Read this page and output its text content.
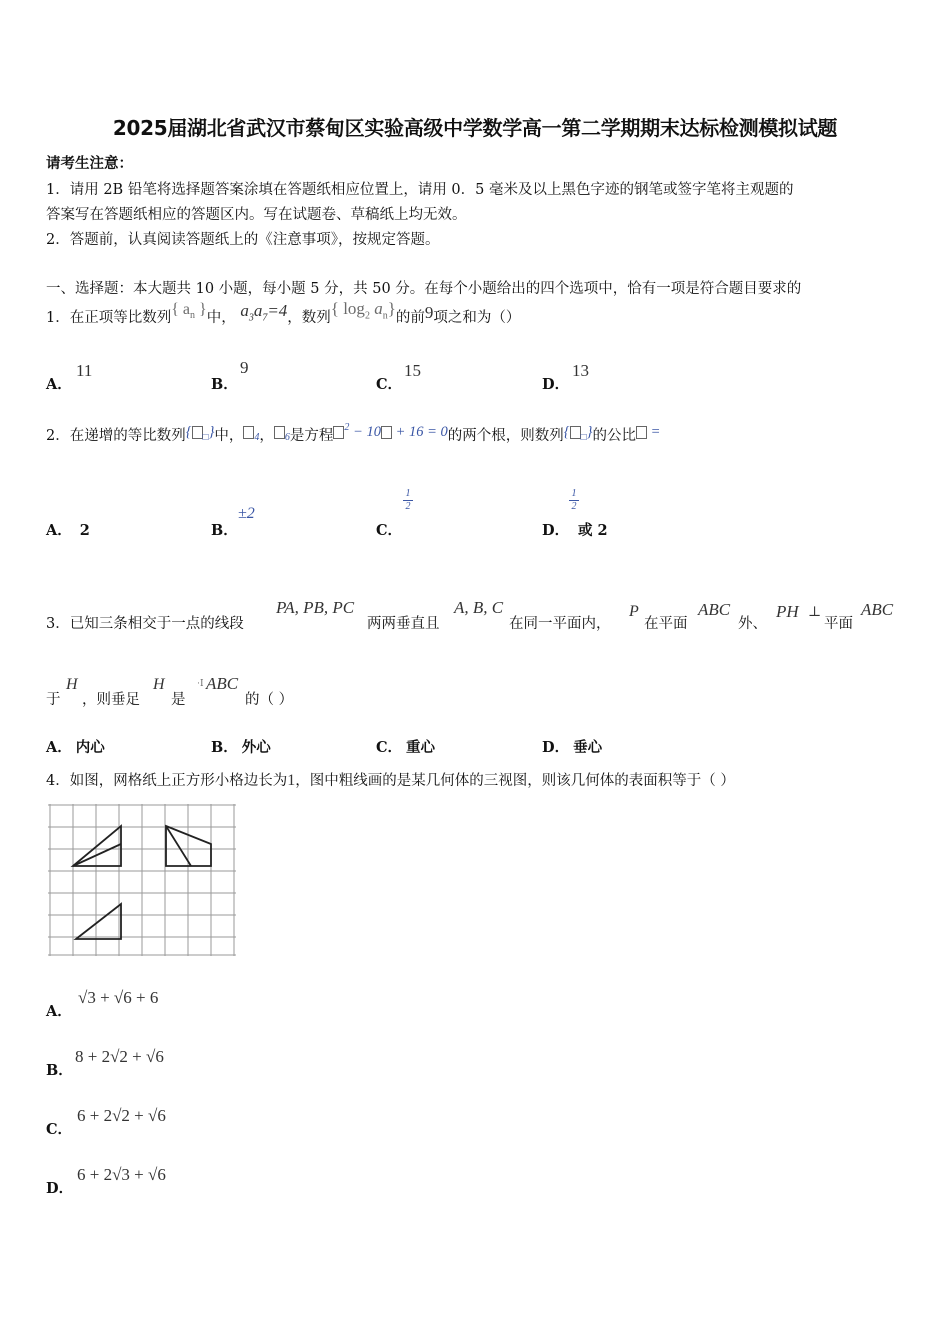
2025届湖北省武汉市蔡甸区实验高级中学数学高一第二学期期末达标检测模拟试题
请考生注意：
1．请用 2B 铅笔将选择题答案涂填在答题纸相应位置上，请用 0．5 毫米及以上黑色字迹的钢笔或签字笔将主观题的
答案写在答题纸相应的答题区内。写在试题卷、草稿纸上均无效。
2．答题前，认真阅读答题纸上的《注意事项》，按规定答题。
一、选择题：本大题共 10 小题，每小题 5 分，共 50 分。在每个小题给出的四个选项中，恰有一项是符合题目要求的
1．在正项等比数列{ $a_n$ }中， $a_3a_7=4$，数列{ $\log_2 a_n$}的前9项之和为（）
A．
11
B．
9
C．
15
D．
13
2．在递增的等比数列{ $_□$}中， $_4$， $_6$是方程$^2$ − 10 + 16 = 0的两个根，则数列{ $_□$}的公比 =
A． 2	B．
±2
C．
1
2
D．
1
2
或 2
3．已知三条相交于一点的线段
PA, PB, PC
两两垂直且
A, B, C
在同一平面内，
P
在平面
ABC
外、
PH ⊥
平面
ABC
于
H
，则垂足
H
是
·Ⅰ ABC
的（ ）
A． 内心	B． 外心	C． 重心	D． 垂心
4．如图，网格纸上正方形小格边长为1，图中粗线画的是某几何体的三视图，则该几何体的表面积等于（ ）
A．
√3 + √6 + 6
B．
8 + 2√2 + √6
C．
6 + 2√2 + √6
D．
6 + 2√3 + √6
